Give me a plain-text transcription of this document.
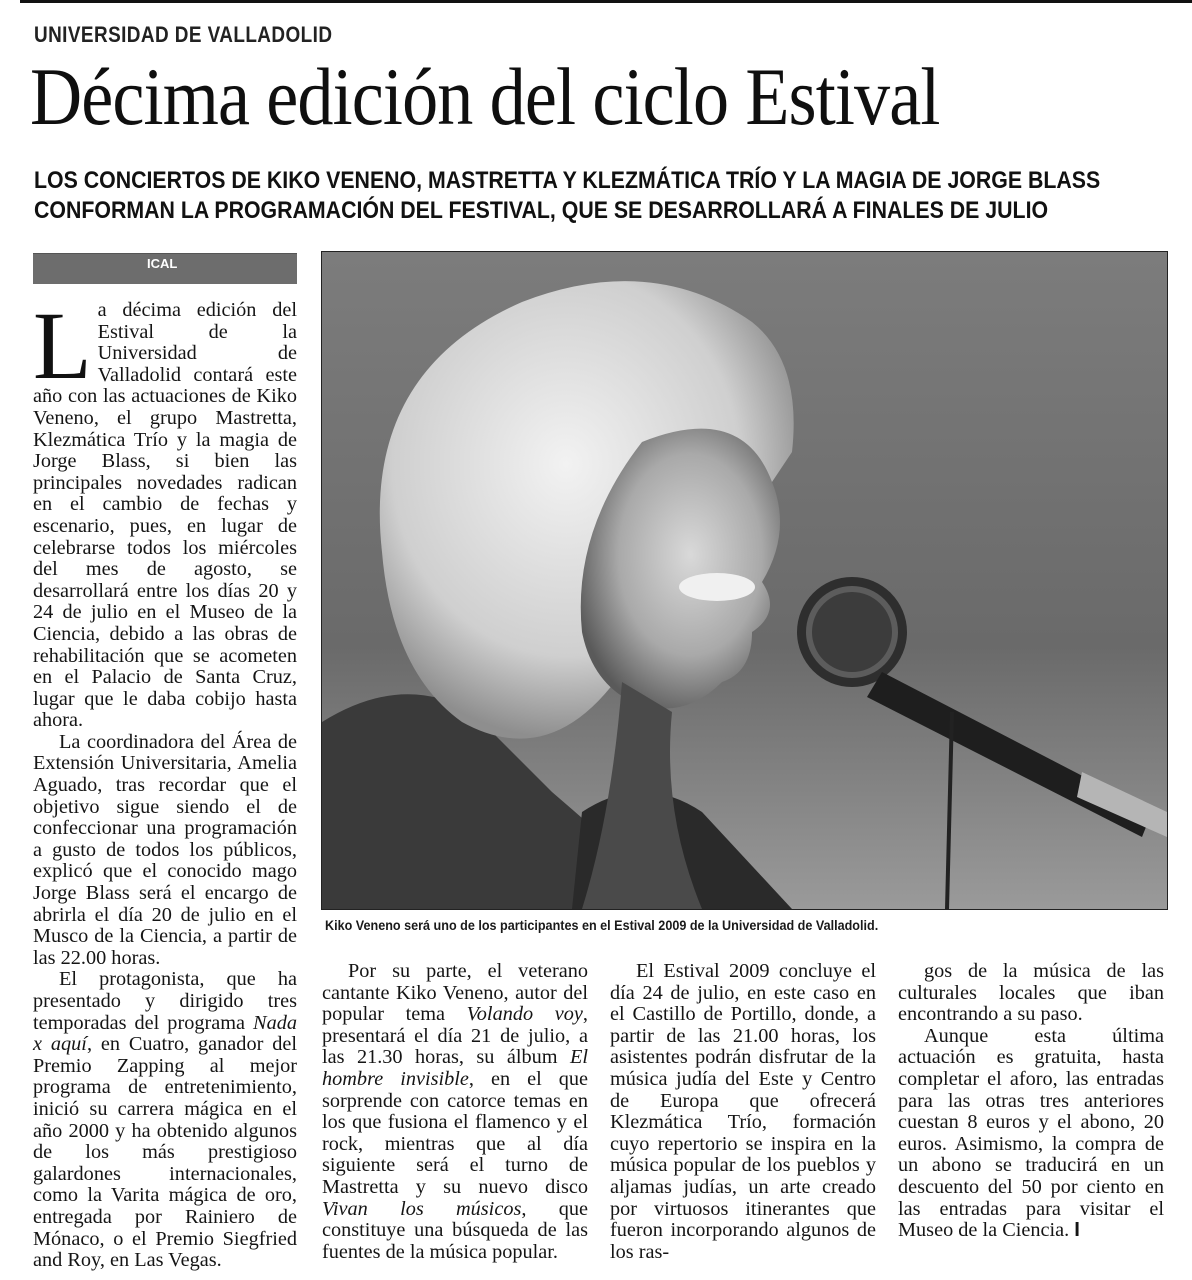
UNIVERSIDAD DE VALLADOLID
Décima edición del ciclo Estival
LOS CONCIERTOS DE KIKO VENENO, MASTRETTA Y KLEZMÁTICA TRÍO Y LA MAGIA DE JORGE BLASS
CONFORMAN LA PROGRAMACIÓN DEL FESTIVAL, QUE SE DESARROLLARÁ A FINALES DE JULIO
ICAL

La décima edición del Estival de la Universidad de Valladolid contará este año con las actuaciones de Kiko Veneno, el grupo Mastretta, Klezmática Trío y la magia de Jorge Blass, si bien las principales novedades radican en el cambio de fechas y escenario, pues, en lugar de celebrarse todos los miércoles del mes de agosto, se desarrollará entre los días 20 y 24 de julio en el Museo de la Ciencia, debido a las obras de rehabilitación que se acometen en el Palacio de Santa Cruz, lugar que le daba cobijo hasta ahora.

La coordinadora del Área de Extensión Universitaria, Amelia Aguado, tras recordar que el objetivo sigue siendo el de confeccionar una programación a gusto de todos los públicos, explicó que el conocido mago Jorge Blass será el encargo de abrirla el día 20 de julio en el Musco de la Ciencia, a partir de las 22.00 horas.

El protagonista, que ha presentado y dirigido tres temporadas del programa Nada x aquí, en Cuatro, ganador del Premio Zapping al mejor programa de entretenimiento, inició su carrera mágica en el año 2000 y ha obtenido algunos de los más prestigioso galardones internacionales, como la Varita mágica de oro, entregada por Rainiero de Mónaco, o el Premio Siegfried and Roy, en Las Vegas.

Kiko Veneno será uno de los participantes en el Estival 2009 de la Universidad de Valladolid.

Por su parte, el veterano cantante Kiko Veneno, autor del popular tema Volando voy, presentará el día 21 de julio, a las 21.30 horas, su álbum El hombre invisible, en el que sorprende con catorce temas en los que fusiona el flamenco y el rock, mientras que al día siguiente será el turno de Mastretta y su nuevo disco Vivan los músicos, que constituye una búsqueda de las fuentes de la música popular.

El Estival 2009 concluye el día 24 de julio, en este caso en el Castillo de Portillo, donde, a partir de las 21.00 horas, los asistentes podrán disfrutar de la música judía del Este y Centro de Europa que ofrecerá Klezmática Trío, formación cuyo repertorio se inspira en la música popular de los pueblos y aljamas judías, un arte creado por virtuosos itinerantes que fueron incorporando algunos de los ras-

gos de la música de las culturales locales que iban encontrando a su paso.

Aunque esta última actuación es gratuita, hasta completar el aforo, las entradas para las otras tres anteriores cuestan 8 euros y el abono, 20 euros. Asimismo, la compra de un abono se traducirá en un descuento del 50 por ciento en las entradas para visitar el Museo de la Ciencia. I
